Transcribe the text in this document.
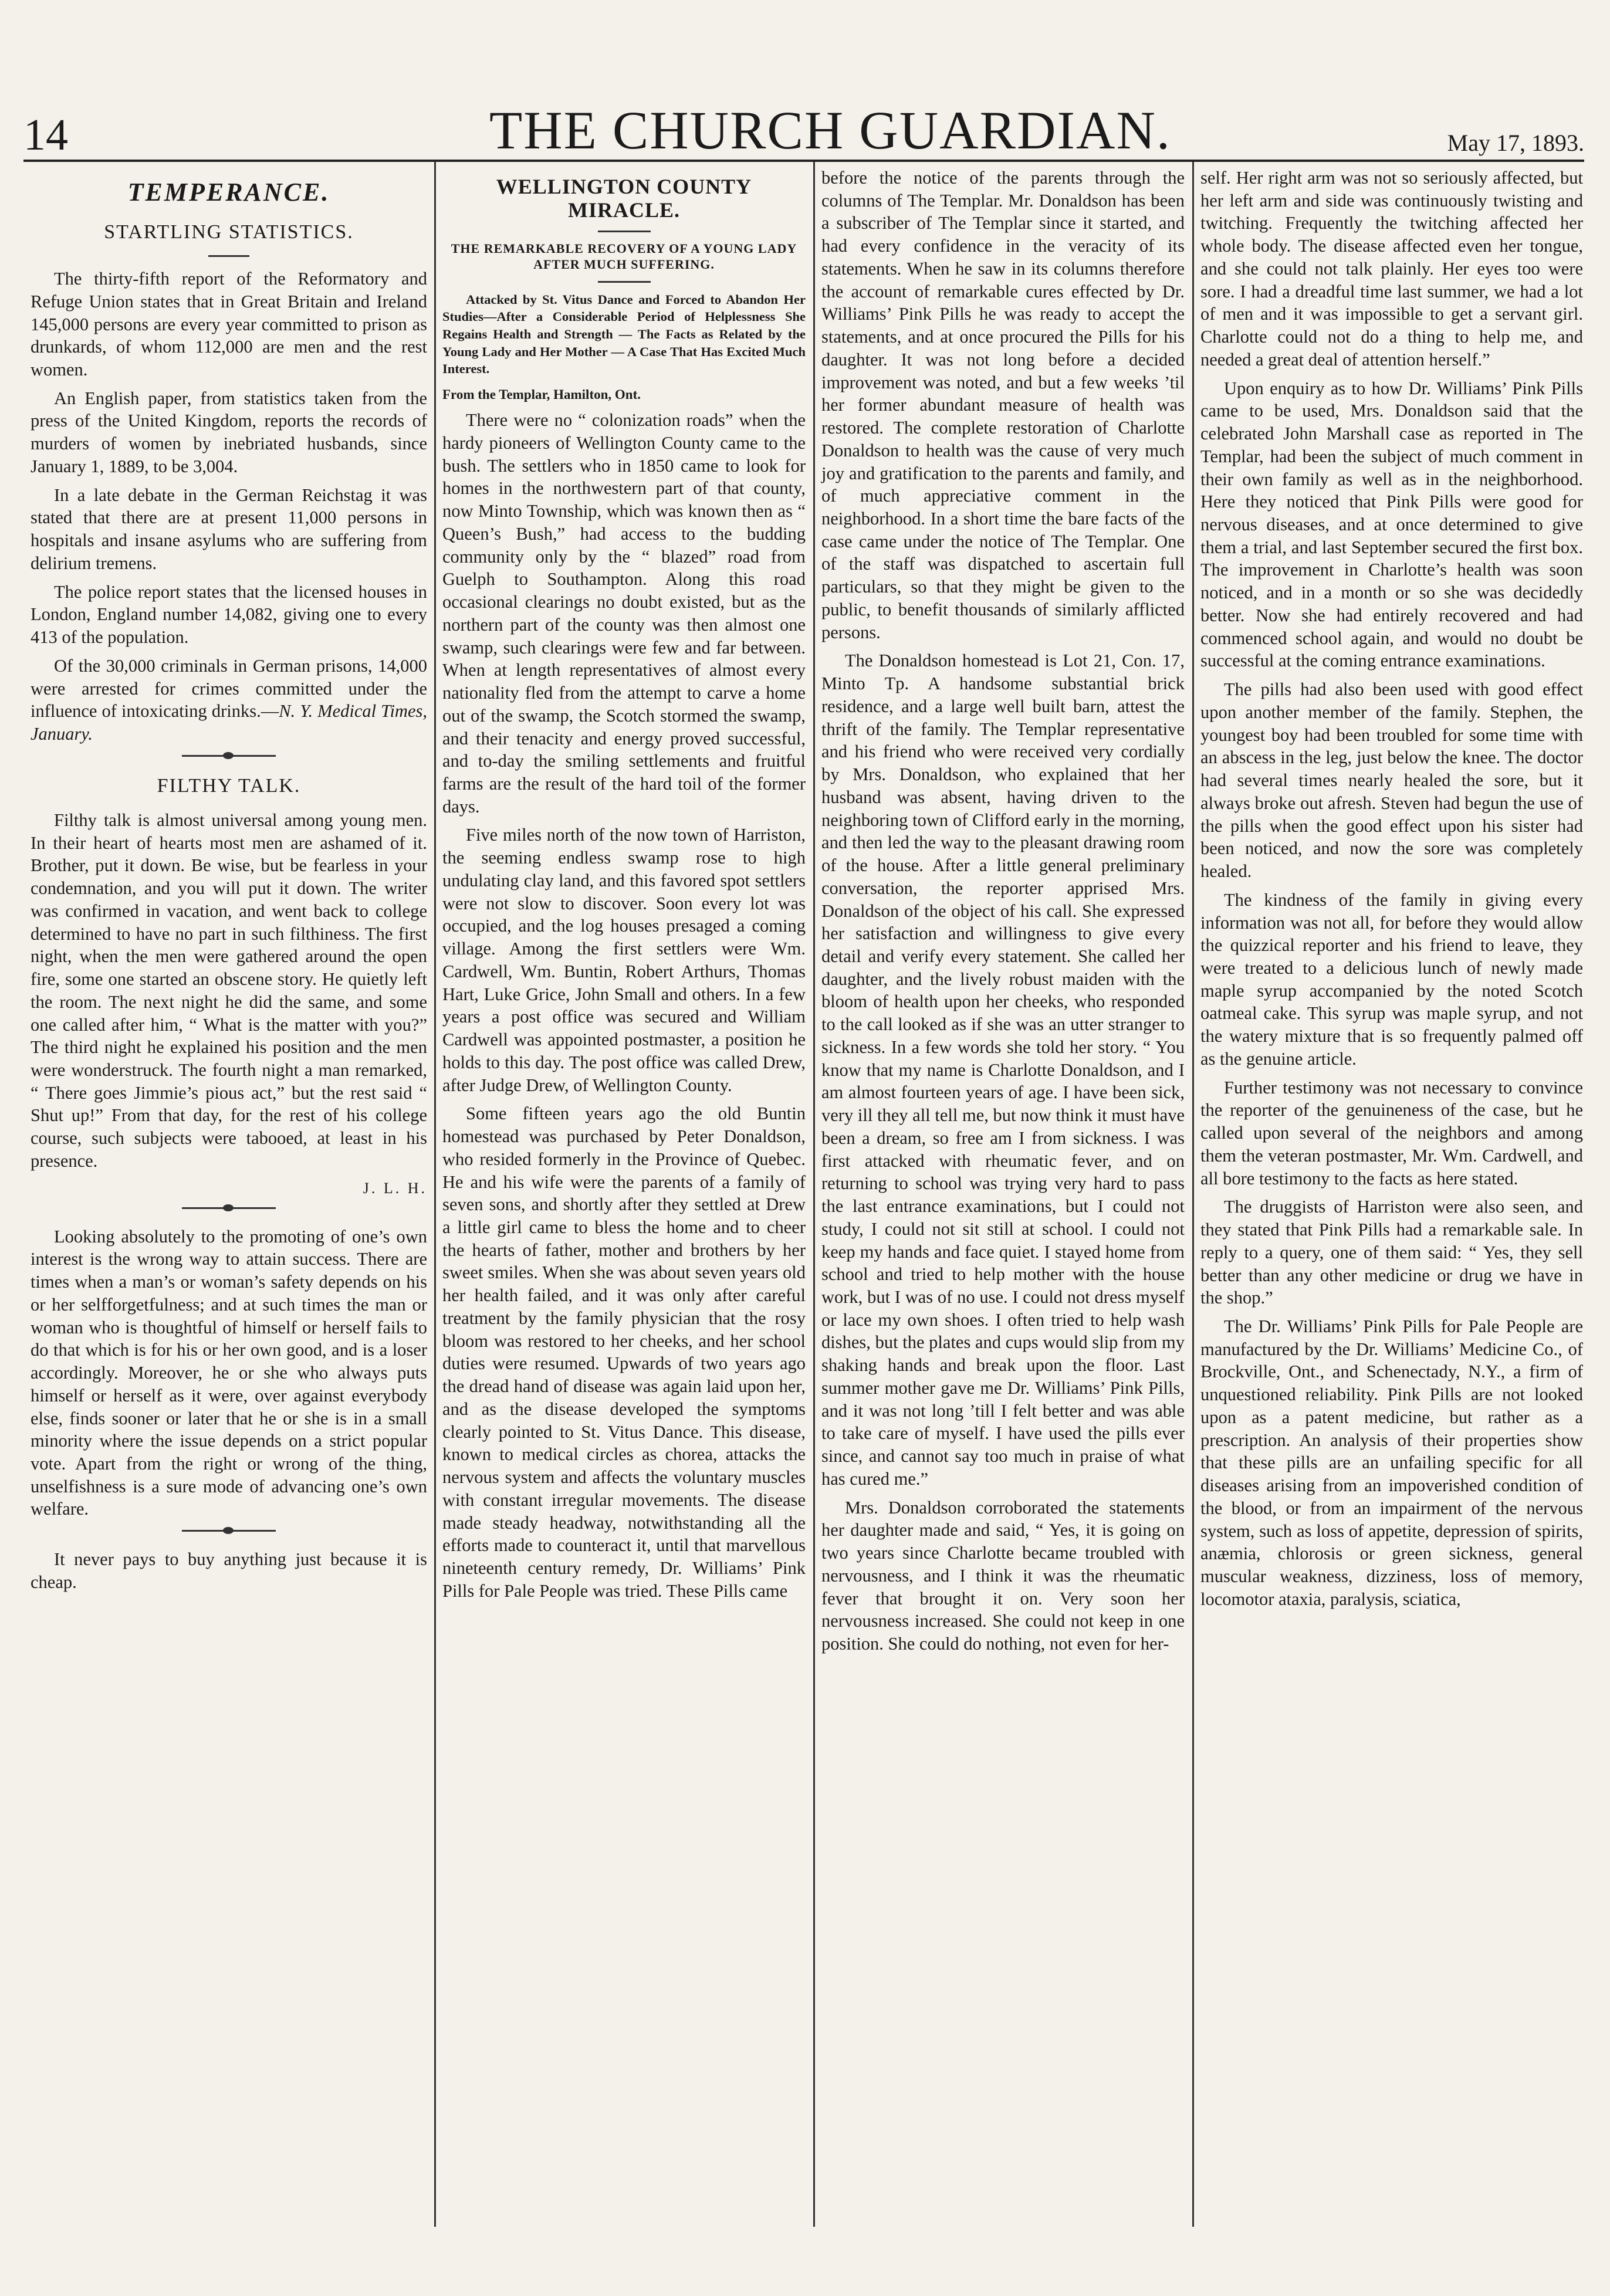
14	THE CHURCH GUARDIAN.	May 17, 1893.
TEMPERANCE.
STARTLING STATISTICS.

The thirty-fifth report of the Reformatory and Refuge Union states that in Great Britain and Ireland 145,000 persons are every year committed to prison as drunkards, of whom 112,000 are men and the rest women.

An English paper, from statistics taken from the press of the United Kingdom, reports the records of murders of women by inebriated husbands, since January 1, 1889, to be 3,004.

In a late debate in the German Reichstag it was stated that there are at present 11,000 persons in hospitals and insane asylums who are suffering from delirium tremens.

The police report states that the licensed houses in London, England number 14,082, giving one to every 413 of the population.

Of the 30,000 criminals in German prisons, 14,000 were arrested for crimes committed under the influence of intoxicating drinks.—N. Y. Medical Times, January.

FILTHY TALK.

Filthy talk is almost universal among young men. In their heart of hearts most men are ashamed of it. Brother, put it down. Be wise, but be fearless in your condemnation, and you will put it down. The writer was confirmed in vacation, and went back to college determined to have no part in such filthiness. The first night, when the men were gathered around the open fire, some one started an obscene story. He quietly left the room. The next night he did the same, and some one called after him, “ What is the matter with you?” The third night he explained his position and the men were wonderstruck. The fourth night a man remarked, “ There goes Jimmie’s pious act,” but the rest said “ Shut up!” From that day, for the rest of his college course, such subjects were tabooed, at least in his presence.

J. L. H.

Looking absolutely to the promoting of one’s own interest is the wrong way to attain success. There are times when a man’s or woman’s safety depends on his or her selfforgetfulness; and at such times the man or woman who is thoughtful of himself or herself fails to do that which is for his or her own good, and is a loser accordingly. Moreover, he or she who always puts himself or herself as it were, over against everybody else, finds sooner or later that he or she is in a small minority where the issue depends on a strict popular vote. Apart from the right or wrong of the thing, unselfishness is a sure mode of advancing one’s own welfare.

It never pays to buy anything just because it is cheap.

WELLINGTON COUNTY MIRACLE.
THE REMARKABLE RECOVERY OF A YOUNG LADY AFTER MUCH SUFFERING.
Attacked by St. Vitus Dance and Forced to Abandon Her Studies—After a Considerable Period of Helplessness She Regains Health and Strength — The Facts as Related by the Young Lady and Her Mother — A Case That Has Excited Much Interest.
From the Templar, Hamilton, Ont.

There were no “ colonization roads” when the hardy pioneers of Wellington County came to the bush. The settlers who in 1850 came to look for homes in the northwestern part of that county, now Minto Township, which was known then as “ Queen’s Bush,” had access to the budding community only by the “ blazed” road from Guelph to Southampton. Along this road occasional clearings no doubt existed, but as the northern part of the county was then almost one swamp, such clearings were few and far between. When at length representatives of almost every nationality fled from the attempt to carve a home out of the swamp, the Scotch stormed the swamp, and their tenacity and energy proved successful, and to-day the smiling settlements and fruitful farms are the result of the hard toil of the former days.

Five miles north of the now town of Harriston, the seeming endless swamp rose to high undulating clay land, and this favored spot settlers were not slow to discover. Soon every lot was occupied, and the log houses presaged a coming village. Among the first settlers were Wm. Cardwell, Wm. Buntin, Robert Arthurs, Thomas Hart, Luke Grice, John Small and others. In a few years a post office was secured and William Cardwell was appointed postmaster, a position he holds to this day. The post office was called Drew, after Judge Drew, of Wellington County.

Some fifteen years ago the old Buntin homestead was purchased by Peter Donaldson, who resided formerly in the Province of Quebec. He and his wife were the parents of a family of seven sons, and shortly after they settled at Drew a little girl came to bless the home and to cheer the hearts of father, mother and brothers by her sweet smiles. When she was about seven years old her health failed, and it was only after careful treatment by the family physician that the rosy bloom was restored to her cheeks, and her school duties were resumed. Upwards of two years ago the dread hand of disease was again laid upon her, and as the disease developed the symptoms clearly pointed to St. Vitus Dance. This disease, known to medical circles as chorea, attacks the nervous system and affects the voluntary muscles with constant irregular movements. The disease made steady headway, notwithstanding all the efforts made to counteract it, until that marvellous nineteenth century remedy, Dr. Williams’ Pink Pills for Pale People was tried. These Pills came

before the notice of the parents through the columns of The Templar. Mr. Donaldson has been a subscriber of The Templar since it started, and had every confidence in the veracity of its statements. When he saw in its columns therefore the account of remarkable cures effected by Dr. Williams’ Pink Pills he was ready to accept the statements, and at once procured the Pills for his daughter. It was not long before a decided improvement was noted, and but a few weeks ’til her former abundant measure of health was restored. The complete restoration of Charlotte Donaldson to health was the cause of very much joy and gratification to the parents and family, and of much appreciative comment in the neighborhood. In a short time the bare facts of the case came under the notice of The Templar. One of the staff was dispatched to ascertain full particulars, so that they might be given to the public, to benefit thousands of similarly afflicted persons.

The Donaldson homestead is Lot 21, Con. 17, Minto Tp. A handsome substantial brick residence, and a large well built barn, attest the thrift of the family. The Templar representative and his friend who were received very cordially by Mrs. Donaldson, who explained that her husband was absent, having driven to the neighboring town of Clifford early in the morning, and then led the way to the pleasant drawing room of the house. After a little general preliminary conversation, the reporter apprised Mrs. Donaldson of the object of his call. She expressed her satisfaction and willingness to give every detail and verify every statement. She called her daughter, and the lively robust maiden with the bloom of health upon her cheeks, who responded to the call looked as if she was an utter stranger to sickness. In a few words she told her story. “ You know that my name is Charlotte Donaldson, and I am almost fourteen years of age. I have been sick, very ill they all tell me, but now think it must have been a dream, so free am I from sickness. I was first attacked with rheumatic fever, and on returning to school was trying very hard to pass the last entrance examinations, but I could not study, I could not sit still at school. I could not keep my hands and face quiet. I stayed home from school and tried to help mother with the house work, but I was of no use. I could not dress myself or lace my own shoes. I often tried to help wash dishes, but the plates and cups would slip from my shaking hands and break upon the floor. Last summer mother gave me Dr. Williams’ Pink Pills, and it was not long ’till I felt better and was able to take care of myself. I have used the pills ever since, and cannot say too much in praise of what has cured me.”

Mrs. Donaldson corroborated the statements her daughter made and said, “ Yes, it is going on two years since Charlotte became troubled with nervousness, and I think it was the rheumatic fever that brought it on. Very soon her nervousness increased. She could not keep in one position. She could do nothing, not even for her-

self. Her right arm was not so seriously affected, but her left arm and side was continuously twisting and twitching. Frequently the twitching affected her whole body. The disease affected even her tongue, and she could not talk plainly. Her eyes too were sore. I had a dreadful time last summer, we had a lot of men and it was impossible to get a servant girl. Charlotte could not do a thing to help me, and needed a great deal of attention herself.”

Upon enquiry as to how Dr. Williams’ Pink Pills came to be used, Mrs. Donaldson said that the celebrated John Marshall case as reported in The Templar, had been the subject of much comment in their own family as well as in the neighborhood. Here they noticed that Pink Pills were good for nervous diseases, and at once determined to give them a trial, and last September secured the first box. The improvement in Charlotte’s health was soon noticed, and in a month or so she was decidedly better. Now she had entirely recovered and had commenced school again, and would no doubt be successful at the coming entrance examinations.

The pills had also been used with good effect upon another member of the family. Stephen, the youngest boy had been troubled for some time with an abscess in the leg, just below the knee. The doctor had several times nearly healed the sore, but it always broke out afresh. Steven had begun the use of the pills when the good effect upon his sister had been noticed, and now the sore was completely healed.

The kindness of the family in giving every information was not all, for before they would allow the quizzical reporter and his friend to leave, they were treated to a delicious lunch of newly made maple syrup accompanied by the noted Scotch oatmeal cake. This syrup was maple syrup, and not the watery mixture that is so frequently palmed off as the genuine article.

Further testimony was not necessary to convince the reporter of the genuineness of the case, but he called upon several of the neighbors and among them the veteran postmaster, Mr. Wm. Cardwell, and all bore testimony to the facts as here stated.

The druggists of Harriston were also seen, and they stated that Pink Pills had a remarkable sale. In reply to a query, one of them said: “ Yes, they sell better than any other medicine or drug we have in the shop.”

The Dr. Williams’ Pink Pills for Pale People are manufactured by the Dr. Williams’ Medicine Co., of Brockville, Ont., and Schenectady, N.Y., a firm of unquestioned reliability. Pink Pills are not looked upon as a patent medicine, but rather as a prescription. An analysis of their properties show that these pills are an unfailing specific for all diseases arising from an impoverished condition of the blood, or from an impairment of the nervous system, such as loss of appetite, depression of spirits, anæmia, chlorosis or green sickness, general muscular weakness, dizziness, loss of memory, locomotor ataxia, paralysis, sciatica,
